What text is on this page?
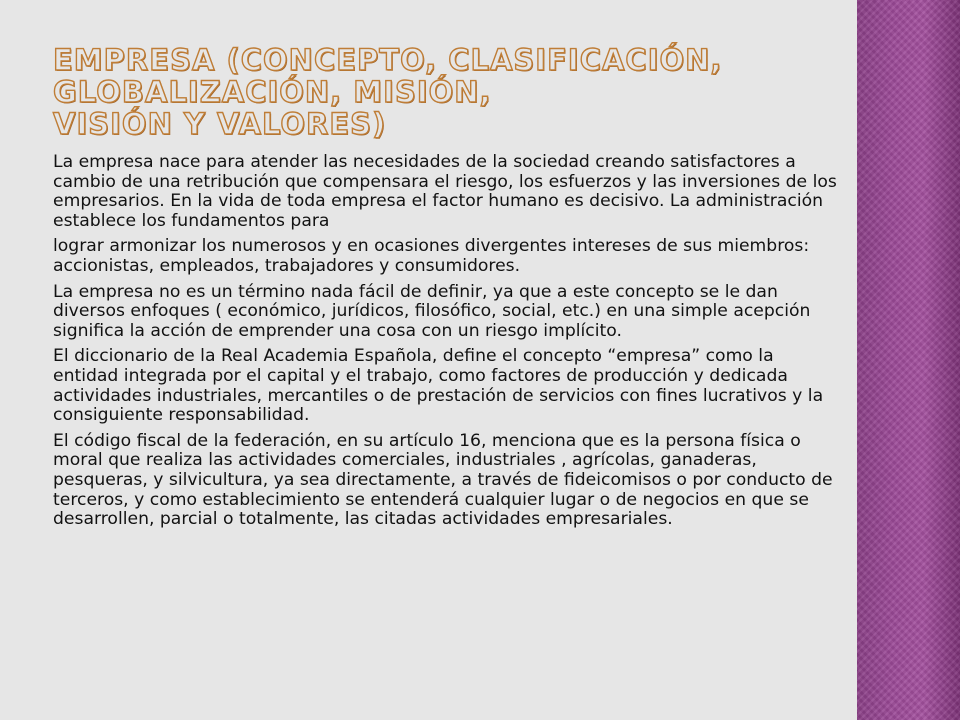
EMPRESA (CONCEPTO, CLASIFICACIÓN,
GLOBALIZACIÓN, MISIÓN,
VISIÓN Y VALORES)

La empresa nace para atender las necesidades de la sociedad creando satisfactores a cambio de una retribución que compensara el riesgo, los esfuerzos y las inversiones de los empresarios. En la vida de toda empresa el factor humano es decisivo. La administración establece los fundamentos para

lograr armonizar los numerosos y en ocasiones divergentes intereses de sus miembros: accionistas, empleados, trabajadores y consumidores.

La empresa no es un término nada fácil de definir, ya que a este concepto se le dan diversos enfoques ( económico, jurídicos, filosófico, social, etc.) en una simple acepción significa la acción de emprender una cosa con un riesgo implícito.

El diccionario de la Real Academia Española, define el concepto “empresa” como la entidad integrada por el capital y el trabajo, como factores de producción y dedicada actividades industriales, mercantiles o de prestación de servicios con fines lucrativos y la consiguiente responsabilidad.

El código fiscal de la federación, en su artículo 16, menciona que es la persona física o moral que realiza las actividades comerciales, industriales , agrícolas, ganaderas, pesqueras, y silvicultura, ya sea directamente, a través de fideicomisos o por conducto de terceros, y como establecimiento se entenderá cualquier lugar o de negocios en que se desarrollen, parcial o totalmente, las citadas actividades empresariales.
